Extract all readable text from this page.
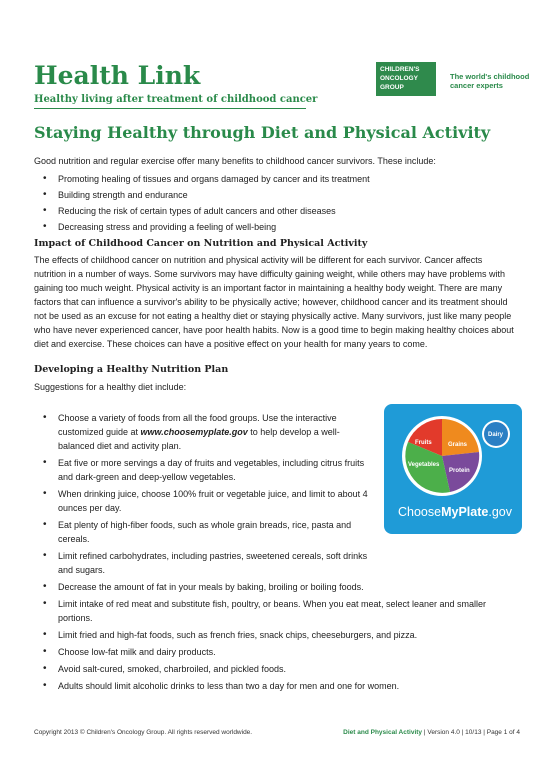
Health Link
Healthy living after treatment of childhood cancer
CHILDREN'S
ONCOLOGY
GROUP
The world's childhood
cancer experts
Staying Healthy through Diet and Physical Activity

Good nutrition and regular exercise offer many benefits to childhood cancer survivors. These include:

• Promoting healing of tissues and organs damaged by cancer and its treatment
• Building strength and endurance
• Reducing the risk of certain types of adult cancers and other diseases
• Decreasing stress and providing a feeling of well-being
Impact of Childhood Cancer on Nutrition and Physical Activity

The effects of childhood cancer on nutrition and physical activity will be different for each survivor. Cancer affects nutrition in a number of ways. Some survivors may have difficulty gaining weight, while others may have problems with gaining too much weight. Physical activity is an important factor in maintaining a healthy body weight. There are many factors that can influence a survivor's ability to be physically active; however, childhood cancer and its treatment should not be used as an excuse for not eating a healthy diet or staying physically active. Many survivors, just like many people who have never experienced cancer, have poor health habits. Now is a good time to begin making healthy choices about diet and exercise. These choices can have a positive effect on your health for many years to come.

Developing a Healthy Nutrition Plan

Suggestions for a healthy diet include:

• Choose a variety of foods from all the food groups. Use the interactive customized guide at www.choosemyplate.gov to help develop a well-balanced diet and activity plan.
• Eat five or more servings a day of fruits and vegetables, including citrus fruits and dark-green and deep-yellow vegetables.
• When drinking juice, choose 100% fruit or vegetable juice, and limit to about 4 ounces per day.
• Eat plenty of high-fiber foods, such as whole grain breads, rice, pasta and cereals.
• Limit refined carbohydrates, including pastries, sweetened cereals, soft drinks and sugars.
• Decrease the amount of fat in your meals by baking, broiling or boiling foods.
• Limit intake of red meat and substitute fish, poultry, or beans. When you eat meat, select leaner and smaller portions.
• Limit fried and high-fat foods, such as french fries, snack chips, cheeseburgers, and pizza.
• Choose low-fat milk and dairy products.
• Avoid salt-cured, smoked, charbroiled, and pickled foods.
• Adults should limit alcoholic drinks to less than two a day for men and one for women.
Fruits	Grains
Vegetables
Protein
Dairy
ChooseMyPlate.gov
Copyright 2013 © Children's Oncology Group. All rights reserved worldwide.	Diet and Physical Activity | Version 4.0 | 10/13 | Page 1 of 4
